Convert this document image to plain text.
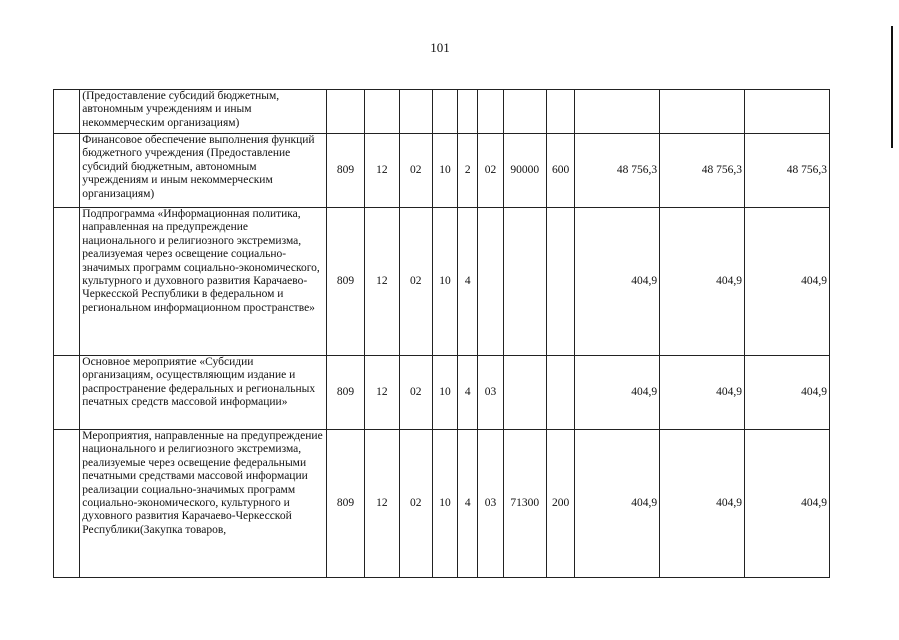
101
	(Предоставление субсидий бюджетным, автономным учреждениям и иным некоммерческим организациям)											
	Финансовое обеспечение выполнения функций бюджетного учреждения (Предоставление субсидий бюджетным, автономным учреждениям и иным некоммерческим организациям)	809	12	02	10	2	02	90000	600	48 756,3	48 756,3	48 756,3
	Подпрограмма «Информационная политика, направленная на предупреждение национального и религиозного экстремизма, реализуемая через освещение социально-значимых программ социально-экономического, культурного и духовного развития Карачаево-Черкесской Республики в федеральном и региональном информационном пространстве»	809	12	02	10	4				404,9	404,9	404,9
	Основное мероприятие «Субсидии организациям, осуществляющим издание и распространение федеральных и региональных печатных средств массовой информации»	809	12	02	10	4	03			404,9	404,9	404,9
	Мероприятия, направленные на предупреждение национального и религиозного экстремизма, реализуемые через освещение федеральными печатными средствами массовой информации реализации социально-значимых программ социально-экономического, культурного и духовного развития Карачаево-Черкесской Республики(Закупка товаров,	809	12	02	10	4	03	71300	200	404,9	404,9	404,9
